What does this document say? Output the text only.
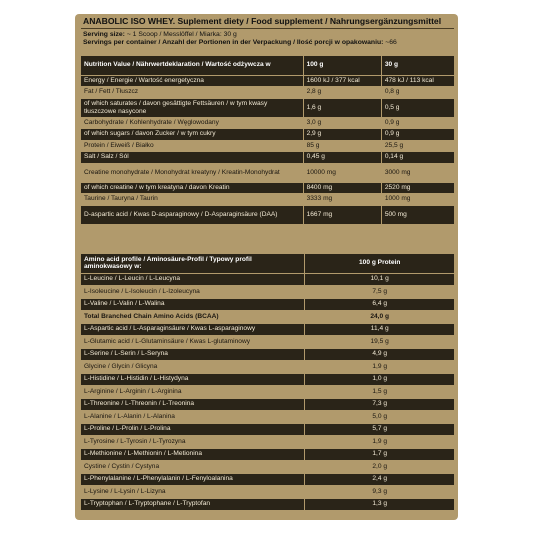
ANABOLIC ISO WHEY. Suplement diety / Food supplement / Nahrungsergänzungsmittel
Serving size: ~ 1 Scoop / Messlöffel / Miarka: 30 g
Servings per container / Anzahl der Portionen in der Verpackung / Ilość porcji w opakowaniu: ~66
Nutrition Value / Nährwertdeklaration / Wartość odżywcza w	100 g	30 g
Energy / Energie / Wartość energetyczna	1600 kJ / 377 kcal	478 kJ / 113 kcal
Fat / Fett / Tłuszcz	2,8 g	0,8 g
of which saturates / davon gesättigte Fettsäuren / w tym kwasy tłuszczowe nasycone	1,6 g	0,5 g
Carbohydrate / Kohlenhydrate / Węglowodany	3,0 g	0,9 g
of which sugars / davon Zucker / w tym cukry	2,9 g	0,9 g
Protein / Eiweiß / Białko	85 g	25,5 g
Salt / Salz / Sól	0,45 g	0,14 g
Creatine monohydrate / Monohydrat kreatyny / Kreatin-Monohydrat	10000 mg	3000 mg
of which creatine / w tym kreatyna / davon Kreatin	8400 mg	2520 mg
Taurine / Tauryna / Taurin	3333 mg	1000 mg
D-aspartic acid / Kwas D-asparaginowy / D-Asparaginsäure (DAA)	1667 mg	500 mg
Amino acid profile / Aminosäure-Profil / Typowy profil aminokwasowy w:	100 g Protein
L-Leucine / L-Leucin / L-Leucyna	10,1 g
L-Isoleucine / L-Isoleucin / L-Izoleucyna	7,5 g
L-Valine / L-Valin / L-Walina	6,4 g
Total Branched Chain Amino Acids (BCAA)	24,0 g
L-Aspartic acid / L-Asparaginsäure / Kwas L-asparaginowy	11,4 g
L-Glutamic acid / L-Glutaminsäure / Kwas L-glutaminowy	19,5 g
L-Serine / L-Serin / L-Seryna	4,9 g
Glycine / Glycin / Glicyna	1,9 g
L-Histidine / L-Histidin / L-Histydyna	1,0 g
L-Arginine / L-Arginin / L-Arginina	1,5 g
L-Threonine / L-Threonin / L-Treonina	7,3 g
L-Alanine / L-Alanin / L-Alanina	5,0 g
L-Proline / L-Prolin / L-Prolina	5,7 g
L-Tyrosine / L-Tyrosin / L-Tyrozyna	1,9 g
L-Methionine / L-Methionin / L-Metionina	1,7 g
Cystine / Cystin / Cystyna	2,0 g
L-Phenylalanine / L-Phenylalanin / L-Fenyloalanina	2,4 g
L-Lysine / L-Lysin / L-Lizyna	9,3 g
L-Tryptophan / L-Tryptophane / L-Tryptofan	1,3 g
